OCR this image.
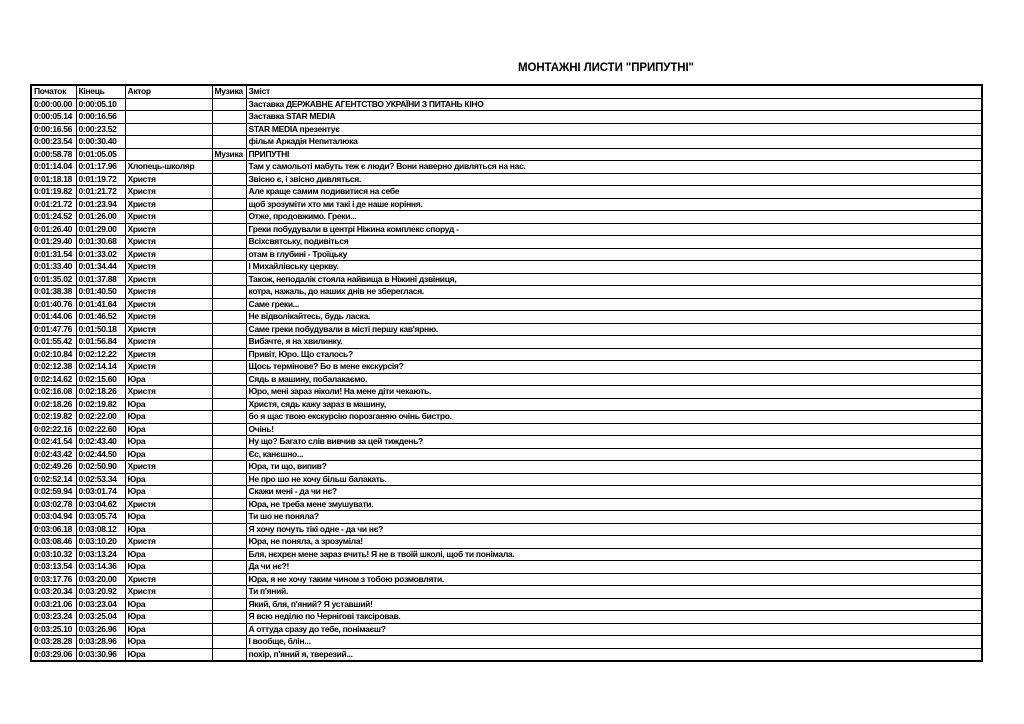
МОНТАЖНІ ЛИСТИ "ПРИПУТНІ"
Початок	Кінець	Актор	Музика	Зміст
0:00:00.00	0:00:05.10			Заставка ДЕРЖАВНЕ АГЕНТСТВО УКРАЇНИ З ПИТАНЬ КІНО
0:00:05.14	0:00:16.56			Заставка STAR MEDIA
0:00:16.56	0:00:23.52			STAR MEDIA презентує
0:00:23.54	0:00:30.40			фільм Аркадія Непиталюка
0:00:58.78	0:01:05.05		Музика	ПРИПУТНІ
0:01:14.04	0:01:17.96	Хлопець-школяр		Там у самольоті мабуть теж є люди? Вони наверно дивляться на нас.
0:01:18.18	0:01:19.72	Христя		Звісно є, і звісно дивляться.
0:01:19.82	0:01:21.72	Христя		Але краще самим подивитися на себе
0:01:21.72	0:01:23.94	Христя		щоб зрозуміти хто ми такі і де наше коріння.
0:01:24.52	0:01:26.00	Христя		Отже, продовжимо. Греки...
0:01:26.40	0:01:29.00	Христя		Греки побудували в центрі Ніжина комплекс споруд -
0:01:29.40	0:01:30.68	Христя		Всіхсвятську, подивіться
0:01:31.54	0:01:33.02	Христя		отам в глубині - Троїцьку
0:01:33.40	0:01:34.44	Христя		І Михайлівську церкву.
0:01:35.02	0:01:37.88	Христя		Також, неподалік стояла найвища в Ніжині дзвіниця,
0:01:38.38	0:01:40.50	Христя		котра, нажаль, до наших днів не збереглася.
0:01:40.76	0:01:41.64	Христя		Саме греки...
0:01:44.06	0:01:46.52	Христя		Не відволікайтесь, будь ласка.
0:01:47.76	0:01:50.18	Христя		Саме греки побудували в місті першу кав'ярню.
0:01:55.42	0:01:56.84	Христя		Вибачте, я на хвилинку.
0:02:10.84	0:02:12.22	Христя		Привіт, Юро. Що сталось?
0:02:12.38	0:02:14.14	Христя		Щось термінове? Бо в мене екскурсія?
0:02:14.62	0:02:15.60	Юра		Сядь в машину, побалакаємо.
0:02:16.08	0:02:18.26	Христя		Юро, мені зараз ніколи! На мене діти чекають.
0:02:18.26	0:02:19.82	Юра		Христя, сядь кажу зараз в машину,
0:02:19.82	0:02:22.00	Юра		бо я щас твою екскурсію порозганяю очінь бистро.
0:02:22.16	0:02:22.60	Юра		Очінь!
0:02:41.54	0:02:43.40	Юра		Ну що? Багато слів вивчив за цей тиждень?
0:02:43.42	0:02:44.50	Юра		Єс, канєшно...
0:02:49.26	0:02:50.90	Христя		Юра, ти що, випив?
0:02:52.14	0:02:53.34	Юра		Не про шо не хочу більш балакать.
0:02:59.94	0:03:01.74	Юра		Скажи мені - да чи нє?
0:03:02.78	0:03:04.62	Христя		Юра, не треба мене змушувати.
0:03:04.94	0:03:05.74	Юра		Ти шо не поняла?
0:03:06.18	0:03:08.12	Юра		Я хочу почуть тікі одне - да чи нє?
0:03:08.46	0:03:10.20	Христя		Юра, не поняла, а зрозуміла!
0:03:10.32	0:03:13.24	Юра		Бля, нєхрєн мене зараз вчить! Я не в твоїй школі, щоб ти понімала.
0:03:13.54	0:03:14.36	Юра		Да чи нє?!
0:03:17.76	0:03:20.00	Христя		Юра, я не хочу таким чином з тобою розмовляти.
0:03:20.34	0:03:20.92	Христя		Ти п'яний.
0:03:21.06	0:03:23.04	Юра		Який, бля, п'яний? Я уставший!
0:03:23.24	0:03:25.04	Юра		Я всю неділю по Чернігові таксіровав.
0:03:25.10	0:03:26.96	Юра		А оттуда сразу до тебе, понімаєш?
0:03:28.28	0:03:28.96	Юра		І вообще, блін...
0:03:29.06	0:03:30.96	Юра		похір, п'яний я, тверезий...
